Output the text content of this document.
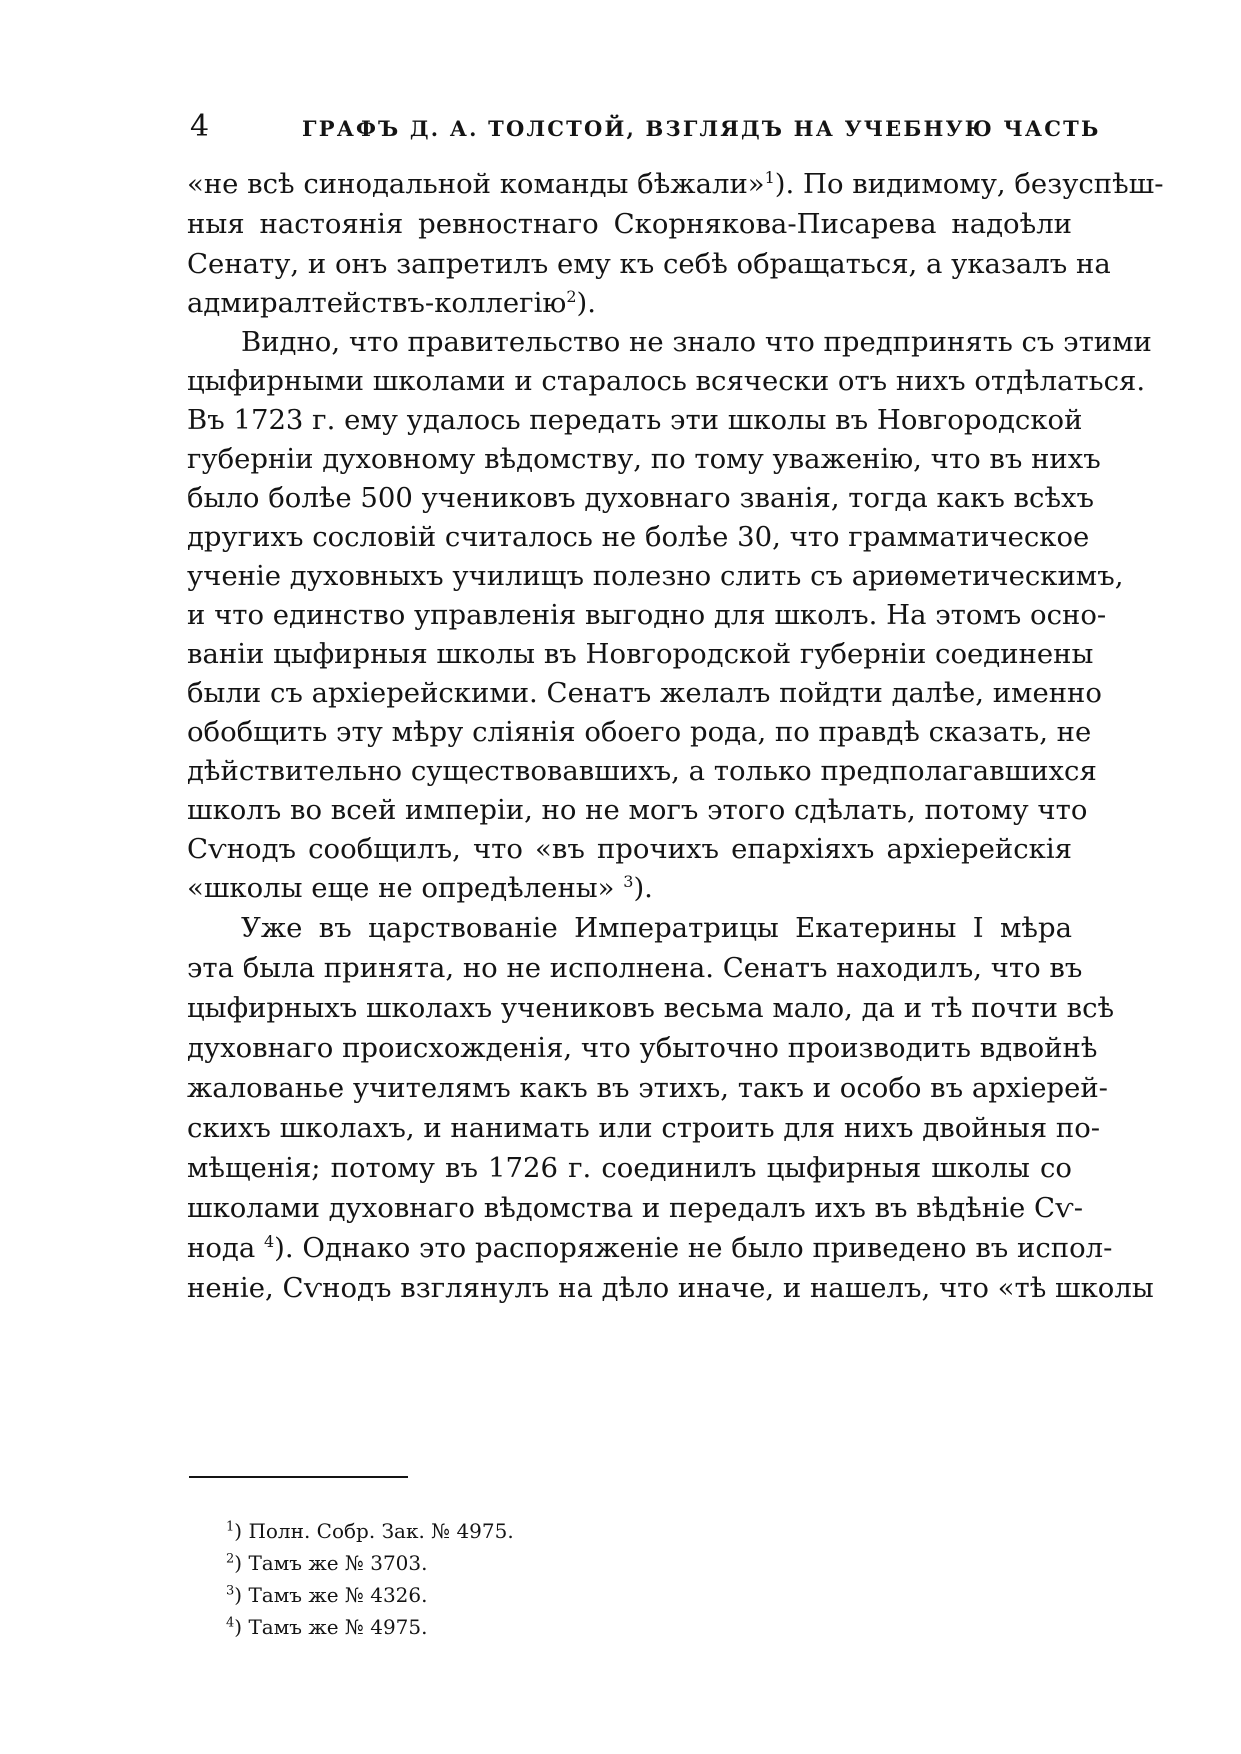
4	ГРАФЪ Д. А. ТОЛСТОЙ, ВЗГЛЯДЪ НА УЧЕБНУЮ ЧАСТЬ
«не всѣ синодальной команды бѣжали»$^1$). По видимому, безуспѣш-
ныя настоянія ревностнаго Скорнякова-Писарева надоѣли
Сенату, и онъ запретилъ ему къ себѣ обращаться, а указалъ на
адмиралтействъ-коллегію$^2$).
Видно, что правительство не знало что предпринять съ этими
цыфирными школами и старалось всячески отъ нихъ отдѣлаться.
Въ 1723 г. ему удалось передать эти школы въ Новгородской
губерніи духовному вѣдомству, по тому уваженію, что въ нихъ
было болѣе 500 учениковъ духовнаго званія, тогда какъ всѣхъ
другихъ сословій считалось не болѣе 30, что грамматическое
ученіе духовныхъ училищъ полезно слить съ ариѳметическимъ,
и что единство управленія выгодно для школъ. На этомъ осно-
ваніи цыфирныя школы въ Новгородской губерніи соединены
были съ архіерейскими. Сенатъ желалъ пойдти далѣе, именно
обобщить эту мѣру сліянія обоего рода, по правдѣ сказать, не
дѣйствительно существовавшихъ, а только предполагавшихся
школъ во всей имперіи, но не могъ этого сдѣлать, потому что
Сѵнодъ сообщилъ, что «въ прочихъ епархіяхъ архіерейскія
«школы еще не опредѣлены» $^3$).
Уже въ царствованіе Императрицы Екатерины I мѣра
эта была принята, но не исполнена. Сенатъ находилъ, что въ
цыфирныхъ школахъ учениковъ весьма мало, да и тѣ почти всѣ
духовнаго происхожденія, что убыточно производить вдвойнѣ
жалованье учителямъ какъ въ этихъ, такъ и особо въ архіерей-
скихъ школахъ, и нанимать или строить для нихъ двойныя по-
мѣщенія; потому въ 1726 г. соединилъ цыфирныя школы со
школами духовнаго вѣдомства и передалъ ихъ въ вѣдѣніе Сѵ-
нода $^4$). Однако это распоряженіе не было приведено въ испол-
неніе, Сѵнодъ взглянулъ на дѣло иначе, и нашелъ, что «тѣ школы
$^1$) Полн. Собр. Зак. № 4975.
$^2$) Тамъ же № 3703.
$^3$) Тамъ же № 4326.
$^4$) Тамъ же № 4975.
